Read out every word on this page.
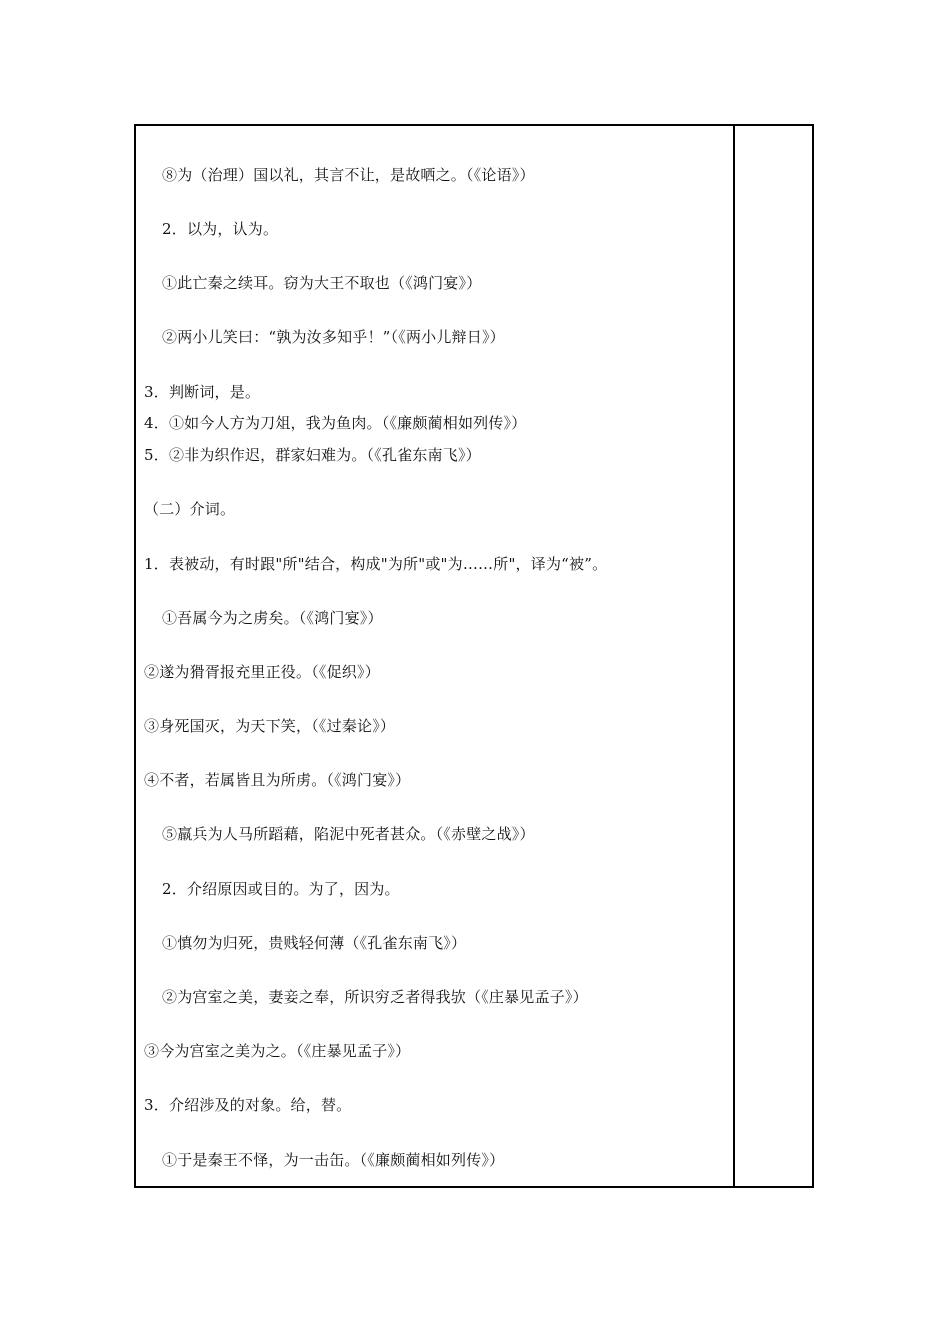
⑧为（治理）国以礼，其言不让，是故哂之。（《论语》）
2．以为，认为。
①此亡秦之续耳。窃为大王不取也（《鸿门宴》）
②两小儿笑曰：“孰为汝多知乎！”（《两小儿辩日》）
3．判断词，是。
4．①如今人方为刀俎，我为鱼肉。（《廉颇蔺相如列传》）
5．②非为织作迟，群家妇难为。（《孔雀东南飞》）
（二）介词。
1．表被动，有时跟"所"结合，构成"为所"或"为……所"，译为“被”。
①吾属今为之虏矣。（《鸿门宴》）
②遂为猾胥报充里正役。（《促织》）
③身死国灭，为天下笑，（《过秦论》）
④不者，若属皆且为所虏。（《鸿门宴》）
⑤羸兵为人马所蹈藉，陷泥中死者甚众。（《赤壁之战》）
2．介绍原因或目的。为了，因为。
①慎勿为归死，贵贱轻何薄（《孔雀东南飞》）
②为宫室之美，妻妾之奉，所识穷乏者得我欤（《庄暴见孟子》）
③今为宫室之美为之。（《庄暴见孟子》）
3．介绍涉及的对象。给，替。
①于是秦王不怿，为一击缶。（《廉颇蔺相如列传》）
